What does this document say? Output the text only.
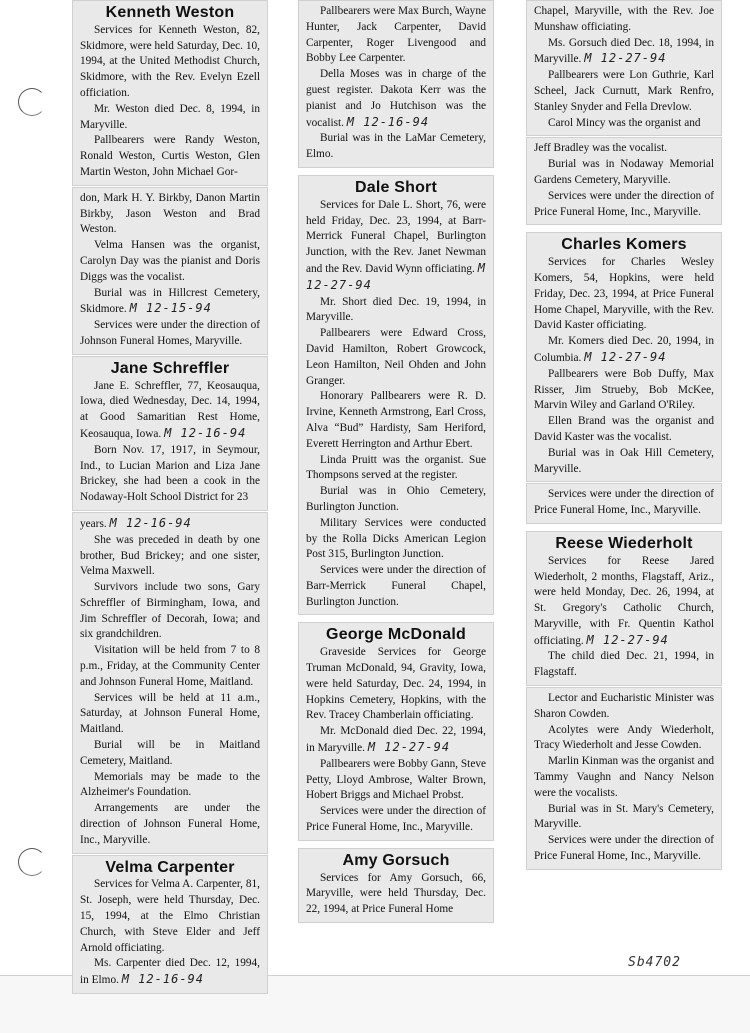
Kenneth Weston

Services for Kenneth Weston, 82, Skidmore, were held Saturday, Dec. 10, 1994, at the United Methodist Church, Skidmore, with the Rev. Evelyn Ezell officiation.

Mr. Weston died Dec. 8, 1994, in Maryville.

Pallbearers were Randy Weston, Ronald Weston, Curtis Weston, Glen Martin Weston, John Michael Gor-

don, Mark H. Y. Birkby, Danon Martin Birkby, Jason Weston and Brad Weston.

Velma Hansen was the organist, Carolyn Day was the pianist and Doris Diggs was the vocalist.

Burial was in Hillcrest Cemetery, Skidmore. M 12-15-94

Services were under the direction of Johnson Funeral Homes, Maryville.

Jane Schreffler

Jane E. Schreffler, 77, Keosauqua, Iowa, died Wednesday, Dec. 14, 1994, at Good Samaritian Rest Home, Keosauqua, Iowa. M 12-16-94

Born Nov. 17, 1917, in Seymour, Ind., to Lucian Marion and Liza Jane Brickey, she had been a cook in the Nodaway-Holt School District for 23

years. M 12-16-94

She was preceded in death by one brother, Bud Brickey; and one sister, Velma Maxwell.

Survivors include two sons, Gary Schreffler of Birmingham, Iowa, and Jim Schreffler of Decorah, Iowa; and six grandchildren.

Visitation will be held from 7 to 8 p.m., Friday, at the Community Center and Johnson Funeral Home, Maitland.

Services will be held at 11 a.m., Saturday, at Johnson Funeral Home, Maitland.

Burial will be in Maitland Cemetery, Maitland.

Memorials may be made to the Alzheimer's Foundation.

Arrangements are under the direction of Johnson Funeral Home, Inc., Maryville.

Velma Carpenter

Services for Velma A. Carpenter, 81, St. Joseph, were held Thursday, Dec. 15, 1994, at the Elmo Christian Church, with Steve Elder and Jeff Arnold officiating.

Ms. Carpenter died Dec. 12, 1994, in Elmo. M 12-16-94

Pallbearers were Max Burch, Wayne Hunter, Jack Carpenter, David Carpenter, Roger Livengood and Bobby Lee Carpenter.

Della Moses was in charge of the guest register. Dakota Kerr was the pianist and Jo Hutchison was the vocalist. M 12-16-94

Burial was in the LaMar Cemetery, Elmo.

Dale Short

Services for Dale L. Short, 76, were held Friday, Dec. 23, 1994, at Barr-Merrick Funeral Chapel, Burlington Junction, with the Rev. Janet Newman and the Rev. David Wynn officiating. M 12-27-94

Mr. Short died Dec. 19, 1994, in Maryville.

Pallbearers were Edward Cross, David Hamilton, Robert Growcock, Leon Hamilton, Neil Ohden and John Granger.

Honorary Pallbearers were R. D. Irvine, Kenneth Armstrong, Earl Cross, Alva “Bud” Hardisty, Sam Heriford, Everett Herrington and Arthur Ebert.

Linda Pruitt was the organist. Sue Thompsons served at the register.

Burial was in Ohio Cemetery, Burlington Junction.

Military Services were conducted by the Rolla Dicks American Legion Post 315, Burlington Junction.

Services were under the direction of Barr-Merrick Funeral Chapel, Burlington Junction.

George McDonald

Graveside Services for George Truman McDonald, 94, Gravity, Iowa, were held Saturday, Dec. 24, 1994, in Hopkins Cemetery, Hopkins, with the Rev. Tracey Chamberlain officiating.

Mr. McDonald died Dec. 22, 1994, in Maryville. M 12-27-94

Pallbearers were Bobby Gann, Steve Petty, Lloyd Ambrose, Walter Brown, Hobert Briggs and Michael Probst.

Services were under the direction of Price Funeral Home, Inc., Maryville.

Amy Gorsuch

Services for Amy Gorsuch, 66, Maryville, were held Thursday, Dec. 22, 1994, at Price Funeral Home

Chapel, Maryville, with the Rev. Joe Munshaw officiating.

Ms. Gorsuch died Dec. 18, 1994, in Maryville. M 12-27-94

Pallbearers were Lon Guthrie, Karl Scheel, Jack Curnutt, Mark Renfro, Stanley Snyder and Fella Drevlow.

Carol Mincy was the organist and

Jeff Bradley was the vocalist.

Burial was in Nodaway Memorial Gardens Cemetery, Maryville.

Services were under the direction of Price Funeral Home, Inc., Maryville.

Charles Komers

Services for Charles Wesley Komers, 54, Hopkins, were held Friday, Dec. 23, 1994, at Price Funeral Home Chapel, Maryville, with the Rev. David Kaster officiating.

Mr. Komers died Dec. 20, 1994, in Columbia. M 12-27-94

Pallbearers were Bob Duffy, Max Risser, Jim Strueby, Bob McKee, Marvin Wiley and Garland O'Riley.

Ellen Brand was the organist and David Kaster was the vocalist.

Burial was in Oak Hill Cemetery, Maryville.

Services were under the direction of Price Funeral Home, Inc., Maryville.

Reese Wiederholt

Services for Reese Jared Wiederholt, 2 months, Flagstaff, Ariz., were held Monday, Dec. 26, 1994, at St. Gregory's Catholic Church, Maryville, with Fr. Quentin Kathol officiating. M 12-27-94

The child died Dec. 21, 1994, in Flagstaff.

Lector and Eucharistic Minister was Sharon Cowden.

Acolytes were Andy Wiederholt, Tracy Wiederholt and Jesse Cowden.

Marlin Kinman was the organist and Tammy Vaughn and Nancy Nelson were the vocalists.

Burial was in St. Mary's Cemetery, Maryville.

Services were under the direction of Price Funeral Home, Inc., Maryville.

Sb4702
